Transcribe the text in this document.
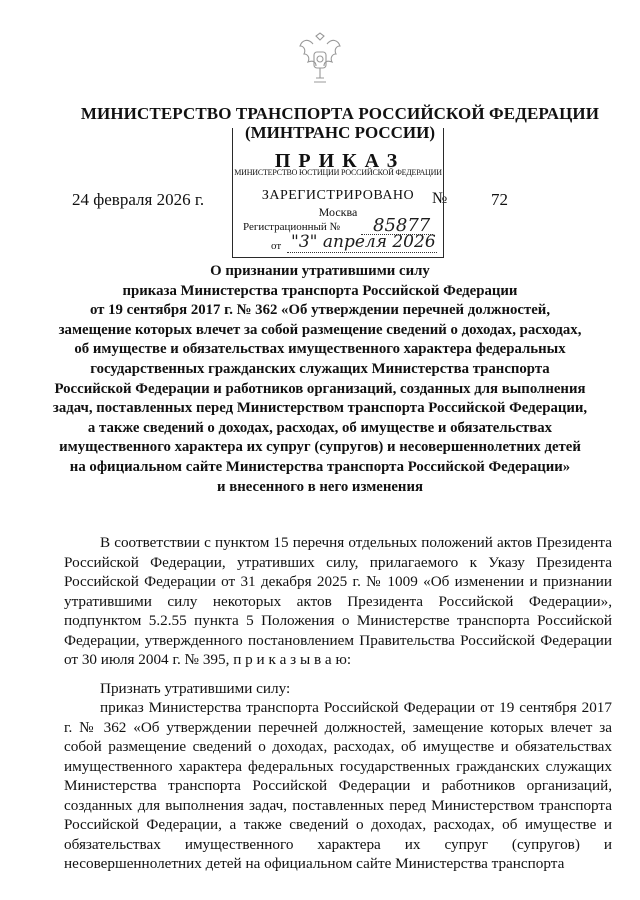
МИНИСТЕРСТВО ТРАНСПОРТА РОССИЙСКОЙ ФЕДЕРАЦИИ
(МИНТРАНС РОССИИ)
ПРИКАЗ
24 февраля 2026 г.	№	72
МИНИСТЕРСТВО ЮСТИЦИИ РОССИЙСКОЙ ФЕДЕРАЦИИ
ЗАРЕГИСТРИРОВАНО
Москва
Регистрационный № 85877
от "3" апреля 2026
О признании утратившими силу
приказа Министерства транспорта Российской Федерации
от 19 сентября 2017 г. № 362 «Об утверждении перечней должностей,
замещение которых влечет за собой размещение сведений о доходах, расходах,
об имуществе и обязательствах имущественного характера федеральных
государственных гражданских служащих Министерства транспорта
Российской Федерации и работников организаций, созданных для выполнения
задач, поставленных перед Министерством транспорта Российской Федерации,
а также сведений о доходах, расходах, об имуществе и обязательствах
имущественного характера их супруг (супругов) и несовершеннолетних детей
на официальном сайте Министерства транспорта Российской Федерации»
и внесенного в него изменения

В соответствии с пунктом 15 перечня отдельных положений актов Президента Российской Федерации, утративших силу, прилагаемого к Указу Президента Российской Федерации от 31 декабря 2025 г. № 1009 «Об изменении и признании утратившими силу некоторых актов Президента Российской Федерации», подпунктом 5.2.55 пункта 5 Положения о Министерстве транспорта Российской Федерации, утвержденного постановлением Правительства Российской Федерации от 30 июля 2004 г. № 395, п р и к а з ы в а ю:

Признать утратившими силу:

приказ Министерства транспорта Российской Федерации от 19 сентября 2017 г. № 362 «Об утверждении перечней должностей, замещение которых влечет за собой размещение сведений о доходах, расходах, об имуществе и обязательствах имущественного характера федеральных государственных гражданских служащих Министерства транспорта Российской Федерации и работников организаций, созданных для выполнения задач, поставленных перед Министерством транспорта Российской Федерации, а также сведений о доходах, расходах, об имуществе и обязательствах имущественного характера их супруг (супругов) и несовершеннолетних детей на официальном сайте Министерства транспорта
